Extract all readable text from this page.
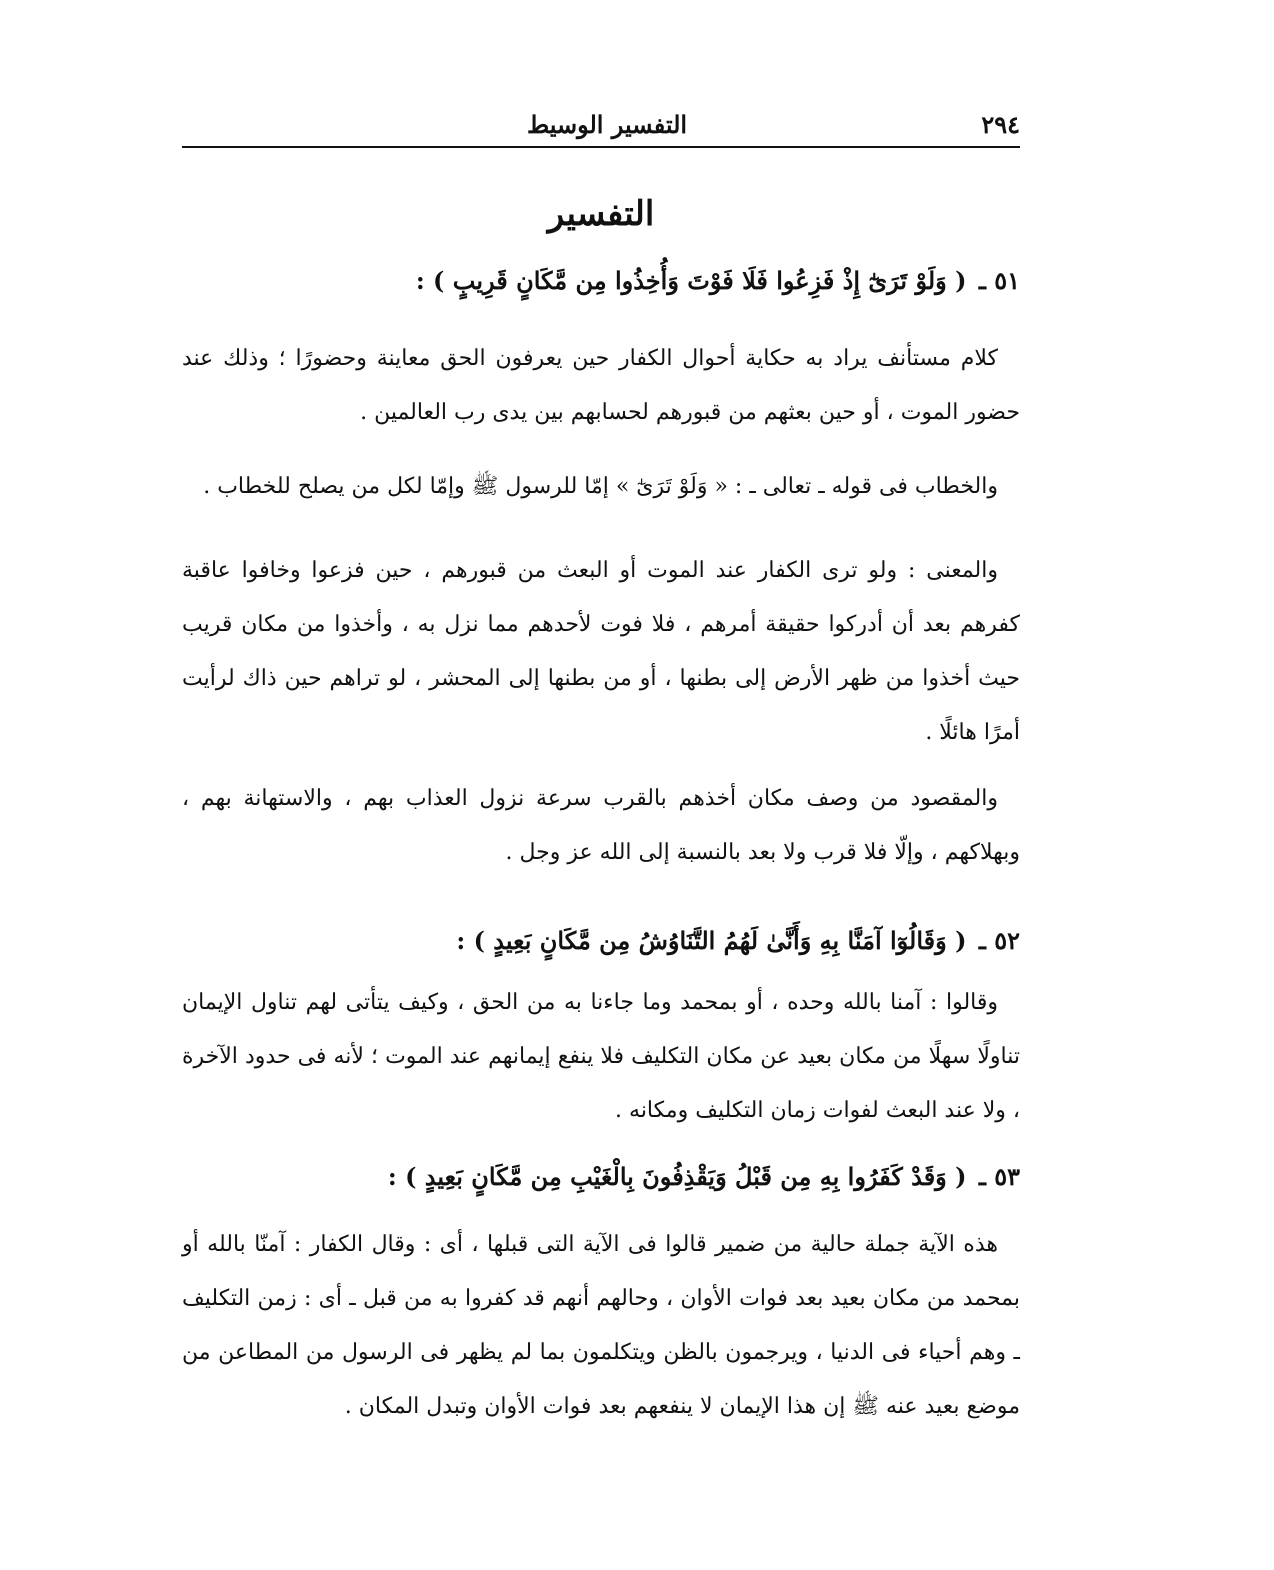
٢٩٤
التفسير الوسيط
التفسير
٥١ ـ ( وَلَوْ تَرَىٰٓ إِذْ فَزِعُوا فَلَا فَوْتَ وَأُخِذُوا مِن مَّكَانٍ قَرِيبٍ ) :
كلام مستأنف يراد به حكاية أحوال الكفار حين يعرفون الحق معاينة وحضورًا ؛ وذلك عند حضور الموت ، أو حين بعثهم من قبورهم لحسابهم بين يدى رب العالمين .
والخطاب فى قوله ـ تعالى ـ : « وَلَوْ تَرَىٰٓ » إمّا للرسول ﷺ وإمّا لكل من يصلح للخطاب .
والمعنى : ولو ترى الكفار عند الموت أو البعث من قبورهم ، حين فزعوا وخافوا عاقبة كفرهم بعد أن أدركوا حقيقة أمرهم ، فلا فوت لأحدهم مما نزل به ، وأخذوا من مكان قريب حيث أخذوا من ظهر الأرض إلى بطنها ، أو من بطنها إلى المحشر ، لو تراهم حين ذاك لرأيت أمرًا هائلًا .
والمقصود من وصف مكان أخذهم بالقرب سرعة نزول العذاب بهم ، والاستهانة بهم ، وبهلاكهم ، وإلّا فلا قرب ولا بعد بالنسبة إلى الله عز وجل .
٥٢ ـ ( وَقَالُوٓا آمَنَّا بِهِ وَأَنَّىٰ لَهُمُ التَّنَاوُشُ مِن مَّكَانٍ بَعِيدٍ ) :
وقالوا : آمنا بالله وحده ، أو بمحمد وما جاءنا به من الحق ، وكيف يتأتى لهم تناول الإيمان تناولًا سهلًا من مكان بعيد عن مكان التكليف فلا ينفع إيمانهم عند الموت ؛ لأنه فى حدود الآخرة ، ولا عند البعث لفوات زمان التكليف ومكانه .
٥٣ ـ ( وَقَدْ كَفَرُوا بِهِ مِن قَبْلُ وَيَقْذِفُونَ بِالْغَيْبِ مِن مَّكَانٍ بَعِيدٍ ) :
هذه الآية جملة حالية من ضمير قالوا فى الآية التى قبلها ، أى : وقال الكفار : آمنّا بالله أو بمحمد من مكان بعيد بعد فوات الأوان ، وحالهم أنهم قد كفروا به من قبل ـ أى : زمن التكليف ـ وهم أحياء فى الدنيا ، ويرجمون بالظن ويتكلمون بما لم يظهر فى الرسول من المطاعن من موضع بعيد عنه ﷺ إن هذا الإيمان لا ينفعهم بعد فوات الأوان وتبدل المكان .
